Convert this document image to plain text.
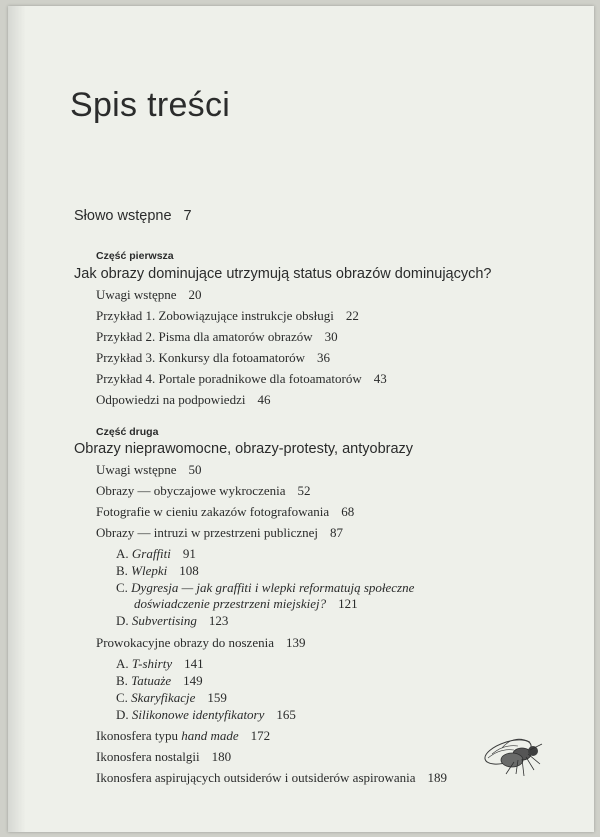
Spis treści
Słowo wstępne 7
Część pierwsza
Jak obrazy dominujące utrzymują status obrazów dominujących?
Uwagi wstępne 20
Przykład 1. Zobowiązujące instrukcje obsługi 22
Przykład 2. Pisma dla amatorów obrazów 30
Przykład 3. Konkursy dla fotoamatorów 36
Przykład 4. Portale poradnikowe dla fotoamatorów 43
Odpowiedzi na podpowiedzi 46
Część druga
Obrazy nieprawomocne, obrazy-protesty, antyobrazy
Uwagi wstępne 50
Obrazy — obyczajowe wykroczenia 52
Fotografie w cieniu zakazów fotografowania 68
Obrazy — intruzi w przestrzeni publicznej 87
A. Graffiti 91
B. Wlepki 108
C. Dygresja — jak graffiti i wlepki reformatują społeczne
doświadczenie przestrzeni miejskiej? 121
D. Subvertising 123
Prowokacyjne obrazy do noszenia 139
A. T-shirty 141
B. Tatuaże 149
C. Skaryfikacje 159
D. Silikonowe identyfikatory 165
Ikonosfera typu hand made 172
Ikonosfera nostalgii 180
Ikonosfera aspirujących outsiderów i outsiderów aspirowania 189
